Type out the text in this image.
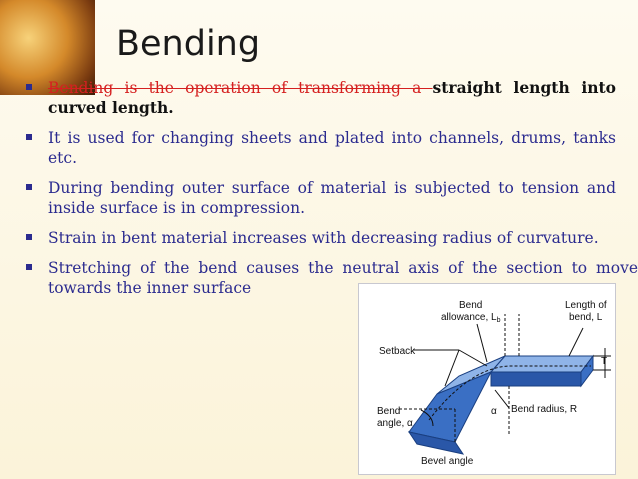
Bending
Bending is the operation of transforming a straight length into curved length.
It is used for changing sheets and plated into channels, drums, tanks etc.
During bending outer surface of material is subjected to tension and inside surface is in compression.
Strain in bent material increases with decreasing radius of curvature.
Stretching of the bend causes the neutral axis of the section to move towards the inner surface
Bend
allowance, $L_b$
Length of
bend, L
Setback
T
Bend radius, R
α
Bend
angle, α
Bevel angle
